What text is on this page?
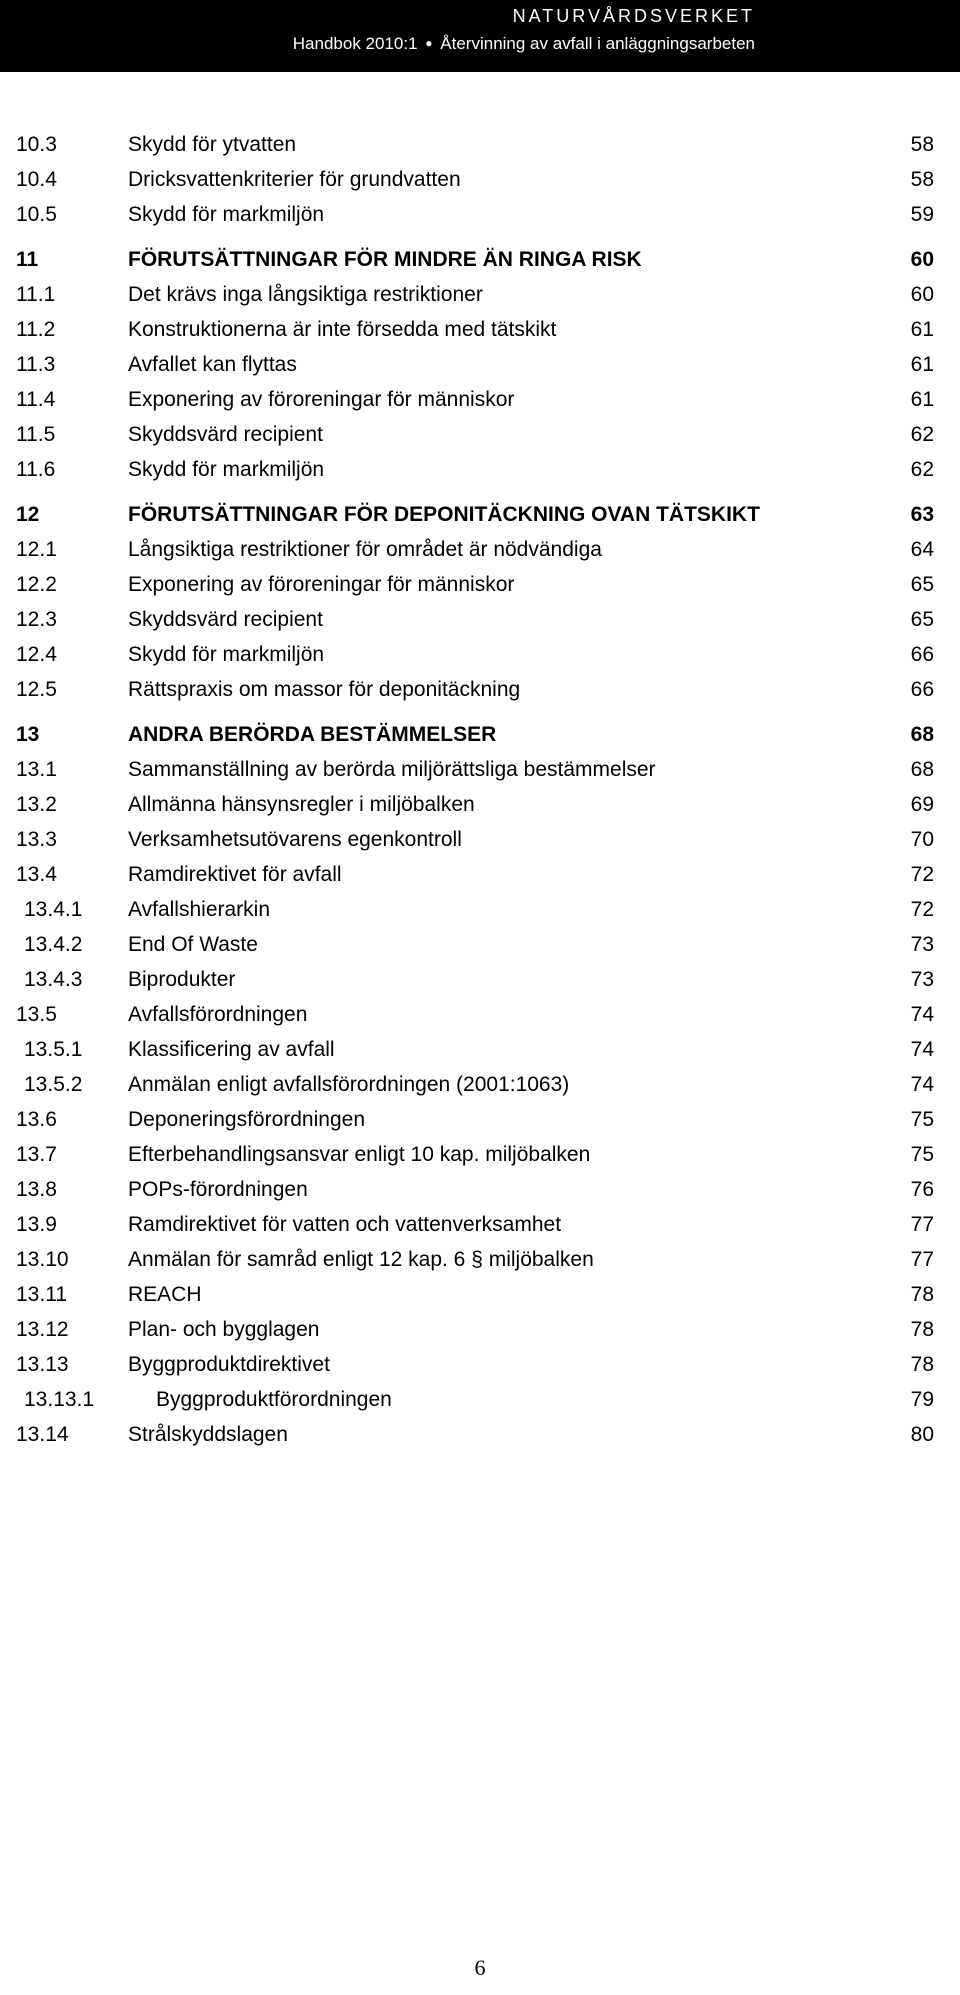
NATURVÅRDSVERKET
Handbok 2010:1 ● Återvinning av avfall i anläggningsarbeten
10.3	Skydd för ytvatten	58
10.4	Dricksvattenkriterier för grundvatten	58
10.5	Skydd för markmiljön	59
11	FÖRUTSÄTTNINGAR FÖR MINDRE ÄN RINGA RISK	60
11.1	Det krävs inga långsiktiga restriktioner	60
11.2	Konstruktionerna är inte försedda med tätskikt	61
11.3	Avfallet kan flyttas	61
11.4	Exponering av föroreningar för människor	61
11.5	Skyddsvärd recipient	62
11.6	Skydd för markmiljön	62
12	FÖRUTSÄTTNINGAR FÖR DEPONITÄCKNING OVAN TÄTSKIKT	63
12.1	Långsiktiga restriktioner för området är nödvändiga	64
12.2	Exponering av föroreningar för människor	65
12.3	Skyddsvärd recipient	65
12.4	Skydd för markmiljön	66
12.5	Rättspraxis om massor för deponitäckning	66
13	ANDRA BERÖRDA BESTÄMMELSER	68
13.1	Sammanställning av berörda miljörättsliga bestämmelser	68
13.2	Allmänna hänsynsregler i miljöbalken	69
13.3	Verksamhetsutövarens egenkontroll	70
13.4	Ramdirektivet för avfall	72
13.4.1 Avfallshierarkin	72
13.4.2 End Of Waste	73
13.4.3 Biprodukter	73
13.5	Avfallsförordningen	74
13.5.1 Klassificering av avfall	74
13.5.2 Anmälan enligt avfallsförordningen (2001:1063)	74
13.6	Deponeringsförordningen	75
13.7	Efterbehandlingsansvar enligt 10 kap. miljöbalken	75
13.8	POPs-förordningen	76
13.9	Ramdirektivet för vatten och vattenverksamhet	77
13.10	Anmälan för samråd enligt 12 kap. 6 § miljöbalken	77
13.11	REACH	78
13.12	Plan- och bygglagen	78
13.13	Byggproduktdirektivet	78
13.13.1	Byggproduktförordningen	79
13.14	Strålskyddslagen	80
6
